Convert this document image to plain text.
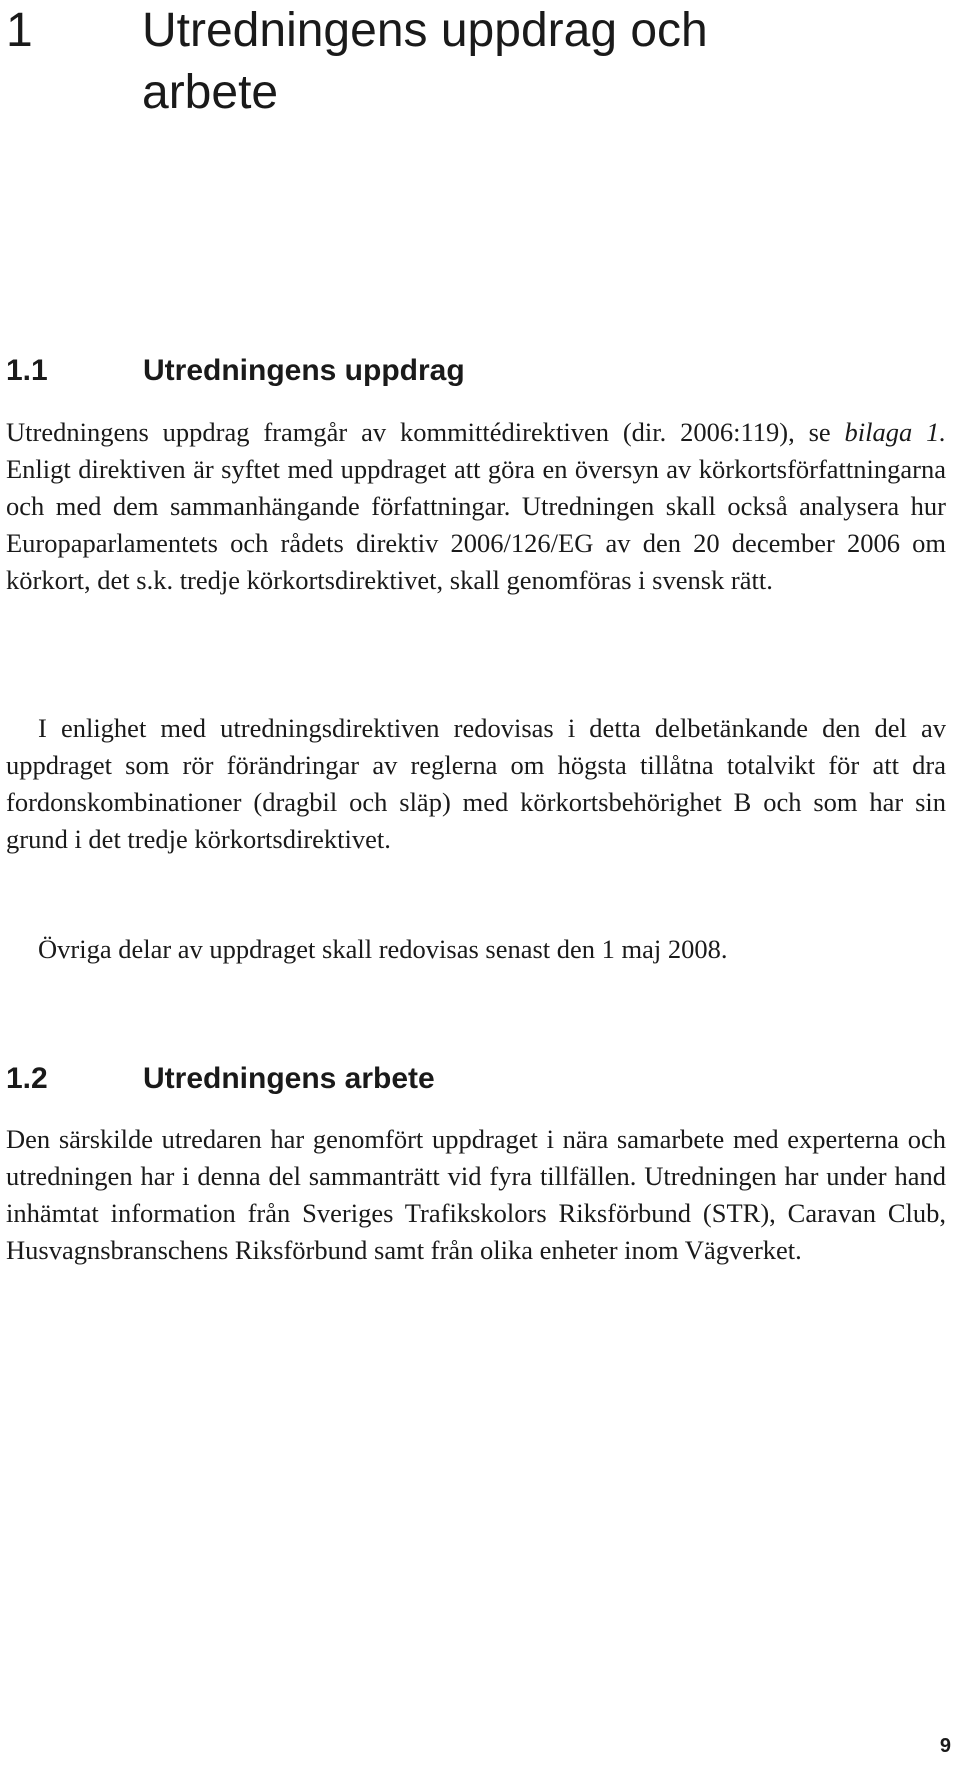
1 Utredningens uppdrag och arbete
1.1	Utredningens uppdrag

Utredningens uppdrag framgår av kommittédirektiven (dir. 2006:119), se bilaga 1. Enligt direktiven är syftet med uppdraget att göra en översyn av körkortsförfattningarna och med dem sammanhängande författningar. Utredningen skall också analysera hur Europaparlamentets och rådets direktiv 2006/126/EG av den 20 december 2006 om körkort, det s.k. tredje körkortsdirektivet, skall genomföras i svensk rätt.

I enlighet med utredningsdirektiven redovisas i detta delbetänkande den del av uppdraget som rör förändringar av reglerna om högsta tillåtna totalvikt för att dra fordonskombinationer (dragbil och släp) med körkortsbehörighet B och som har sin grund i det tredje körkortsdirektivet.

Övriga delar av uppdraget skall redovisas senast den 1 maj 2008.

1.2	Utredningens arbete

Den särskilde utredaren har genomfört uppdraget i nära samarbete med experterna och utredningen har i denna del sammanträtt vid fyra tillfällen. Utredningen har under hand inhämtat information från Sveriges Trafikskolors Riksförbund (STR), Caravan Club, Husvagnsbranschens Riksförbund samt från olika enheter inom Vägverket.

9
